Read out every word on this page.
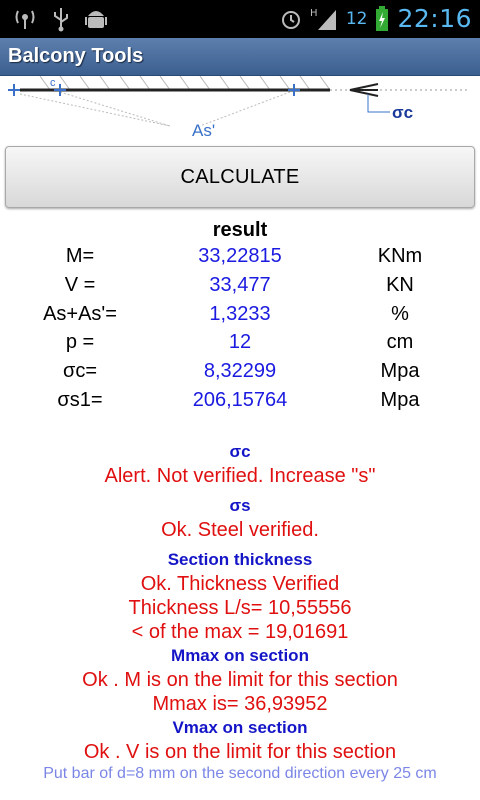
H 12 22:16
Balcony Tools
c
As'
σc
CALCULATE
result
M=	33,22815	KNm
V =	33,477	KN
As+As'=	1,3233	%
p =	12	cm
σc=	8,32299	Mpa
σs1=	206,15764	Mpa
σc
Alert. Not verified. Increase "s"
σs
Ok. Steel verified.
Section thickness
Ok. Thickness Verified
Thickness L/s= 10,55556
< of the max = 19,01691
Mmax on section
Ok . M is on the limit for this section
Mmax is= 36,93952
Vmax on section
Ok . V is on the limit for this section
Put bar of d=8 mm on the second direction every 25 cm
